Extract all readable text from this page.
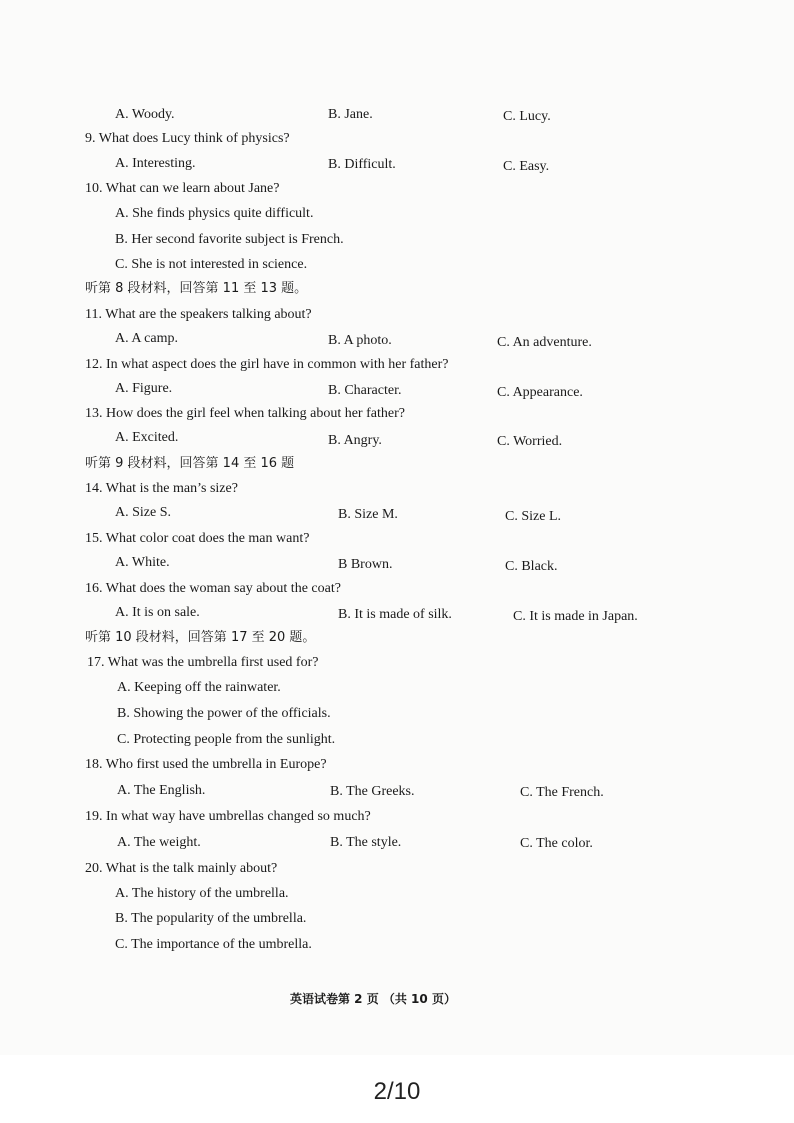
A. Woody.	B. Jane.	C. Lucy.
9. What does Lucy think of physics?
A. Interesting.	B. Difficult.	C. Easy.
10. What can we learn about Jane?
A. She finds physics quite difficult.
B. Her second favorite subject is French.
C. She is not interested in science.
听第 8 段材料，回答第 11 至 13 题。
11. What are the speakers talking about?
A. A camp.	B. A photo.	C. An adventure.
12. In what aspect does the girl have in common with her father?
A. Figure.	B. Character.	C. Appearance.
13. How does the girl feel when talking about her father?
A. Excited.	B. Angry.	C. Worried.
听第 9 段材料，回答第 14 至 16 题
14. What is the man’s size?
A. Size S.	B. Size M.	C. Size L.
15. What color coat does the man want?
A. White.	B Brown.	C. Black.
16. What does the woman say about the coat?
A. It is on sale.	B. It is made of silk.	C. It is made in Japan.
听第 10 段材料，回答第 17 至 20 题。
17. What was the umbrella first used for?
A. Keeping off the rainwater.
B. Showing the power of the officials.
C. Protecting people from the sunlight.
18. Who first used the umbrella in Europe?
A. The English.	B. The Greeks.	C. The French.
19. In what way have umbrellas changed so much?
A. The weight.	B. The style.	C. The color.
20. What is the talk mainly about?
A. The history of the umbrella.
B. The popularity of the umbrella.
C. The importance of the umbrella.
英语试卷第 2 页 （共 10 页）
2/10
